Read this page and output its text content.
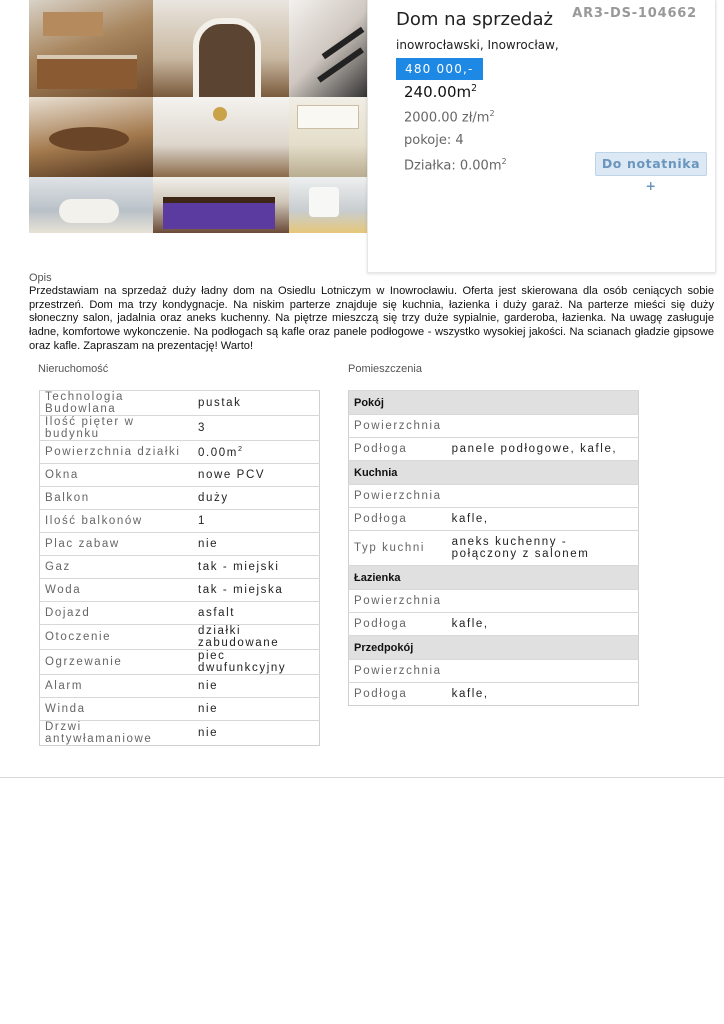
AR3-DS-104662
Dom na sprzedaż
inowrocławski, Inowrocław,
480 000,-
$240.00m^2$
2000.00 $zł/m^2$
pokoje: 4
Działka: $0.00m^2$	Do notatnika +
Opis
Przedstawiam na sprzedaż duży ładny dom na Osiedlu Lotniczym w Inowrocławiu. Oferta jest skierowana dla osób ceniących sobie przestrzeń. Dom ma trzy kondygnacje. Na niskim parterze znajduje się kuchnia, łazienka i duży garaż. Na parterze mieści się duży słoneczny salon, jadalnia oraz aneks kuchenny. Na piętrze mieszczą się trzy duże sypialnie, garderoba, łazienka. Na uwagę zasługuje ładne, komfortowe wykonczenie. Na podłogach są kafle oraz panele podłogowe - wszystko wysokiej jakości. Na scianach gładzie gipsowe oraz kafle. Zapraszam na prezentację! Warto!
Nieruchomość
Technologia Budowlana	pustak
Ilość pięter w budynku	3
Powierzchnia działki	$0.00m^2$
Okna	nowe PCV
Balkon	duży
Ilość balkonów	1
Plac zabaw	nie
Gaz	tak - miejski
Woda	tak - miejska
Dojazd	asfalt
Otoczenie	działki zabudowane
Ogrzewanie	piec dwufunkcyjny
Alarm	nie
Winda	nie
Drzwi antywłamaniowe	nie
Pomieszczenia
Pokój	
Powierzchnia	
Podłoga	panele podłogowe, kafle,
Kuchnia	
Powierzchnia	
Podłoga	kafle,
Typ kuchni	aneks kuchenny - połączony z salonem
Łazienka	
Powierzchnia	
Podłoga	kafle,
Przedpokój	
Powierzchnia	
Podłoga	kafle,
